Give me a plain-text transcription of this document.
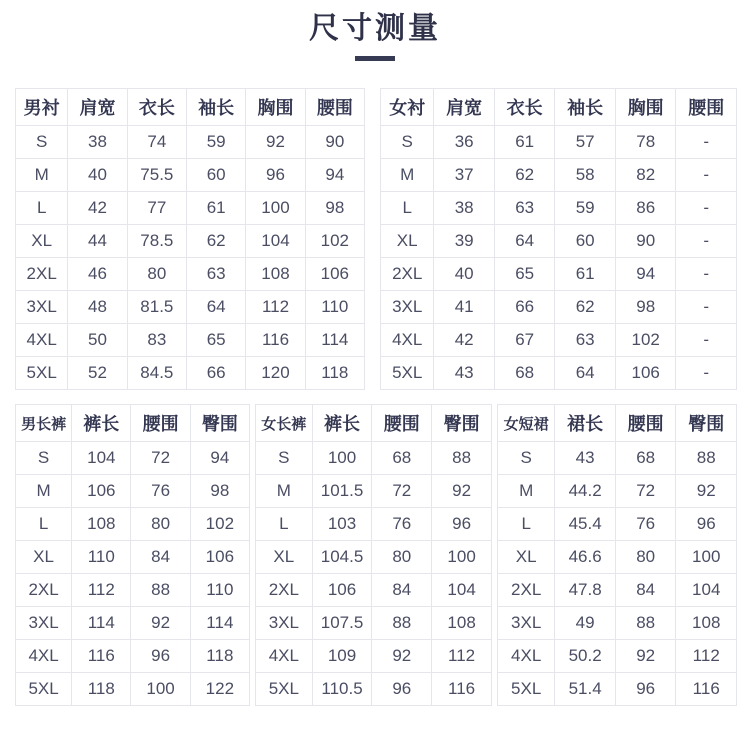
尺寸测量
男衬	肩宽	衣长	袖长	胸围	腰围
S	38	74	59	92	90
M	40	75.5	60	96	94
L	42	77	61	100	98
XL	44	78.5	62	104	102
2XL	46	80	63	108	106
3XL	48	81.5	64	112	110
4XL	50	83	65	116	114
5XL	52	84.5	66	120	118
女衬	肩宽	衣长	袖长	胸围	腰围
S	36	61	57	78	-
M	37	62	58	82	-
L	38	63	59	86	-
XL	39	64	60	90	-
2XL	40	65	61	94	-
3XL	41	66	62	98	-
4XL	42	67	63	102	-
5XL	43	68	64	106	-
男长裤	裤长	腰围	臀围
S	104	72	94
M	106	76	98
L	108	80	102
XL	110	84	106
2XL	112	88	110
3XL	114	92	114
4XL	116	96	118
5XL	118	100	122
女长裤	裤长	腰围	臀围
S	100	68	88
M	101.5	72	92
L	103	76	96
XL	104.5	80	100
2XL	106	84	104
3XL	107.5	88	108
4XL	109	92	112
5XL	110.5	96	116
女短裙	裙长	腰围	臀围
S	43	68	88
M	44.2	72	92
L	45.4	76	96
XL	46.6	80	100
2XL	47.8	84	104
3XL	49	88	108
4XL	50.2	92	112
5XL	51.4	96	116
